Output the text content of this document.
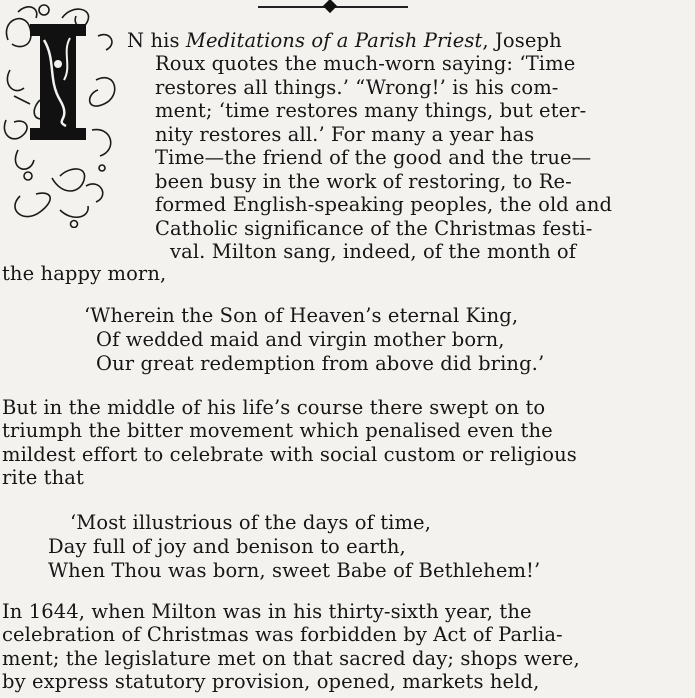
N his Meditations of a Parish Priest, Joseph
Roux quotes the much-worn saying: ‘Time
restores all things.’ “Wrong!’ is his com-
ment; ‘time restores many things, but eter-
nity restores all.’ For many a year has
Time—the friend of the good and the true—
been busy in the work of restoring, to Re-
formed English-speaking peoples, the old and
Catholic significance of the Christmas festi-
val. Milton sang, indeed, of the month of
the happy morn,
‘Wherein the Son of Heaven’s eternal King,
Of wedded maid and virgin mother born,
Our great redemption from above did bring.’
But in the middle of his life’s course there swept on to
triumph the bitter movement which penalised even the
mildest effort to celebrate with social custom or religious
rite that
‘Most illustrious of the days of time,
Day full of joy and benison to earth,
When Thou was born, sweet Babe of Bethlehem!’
In 1644, when Milton was in his thirty-sixth year, the
celebration of Christmas was forbidden by Act of Parlia-
ment; the legislature met on that sacred day; shops were,
by express statutory provision, opened, markets held,
